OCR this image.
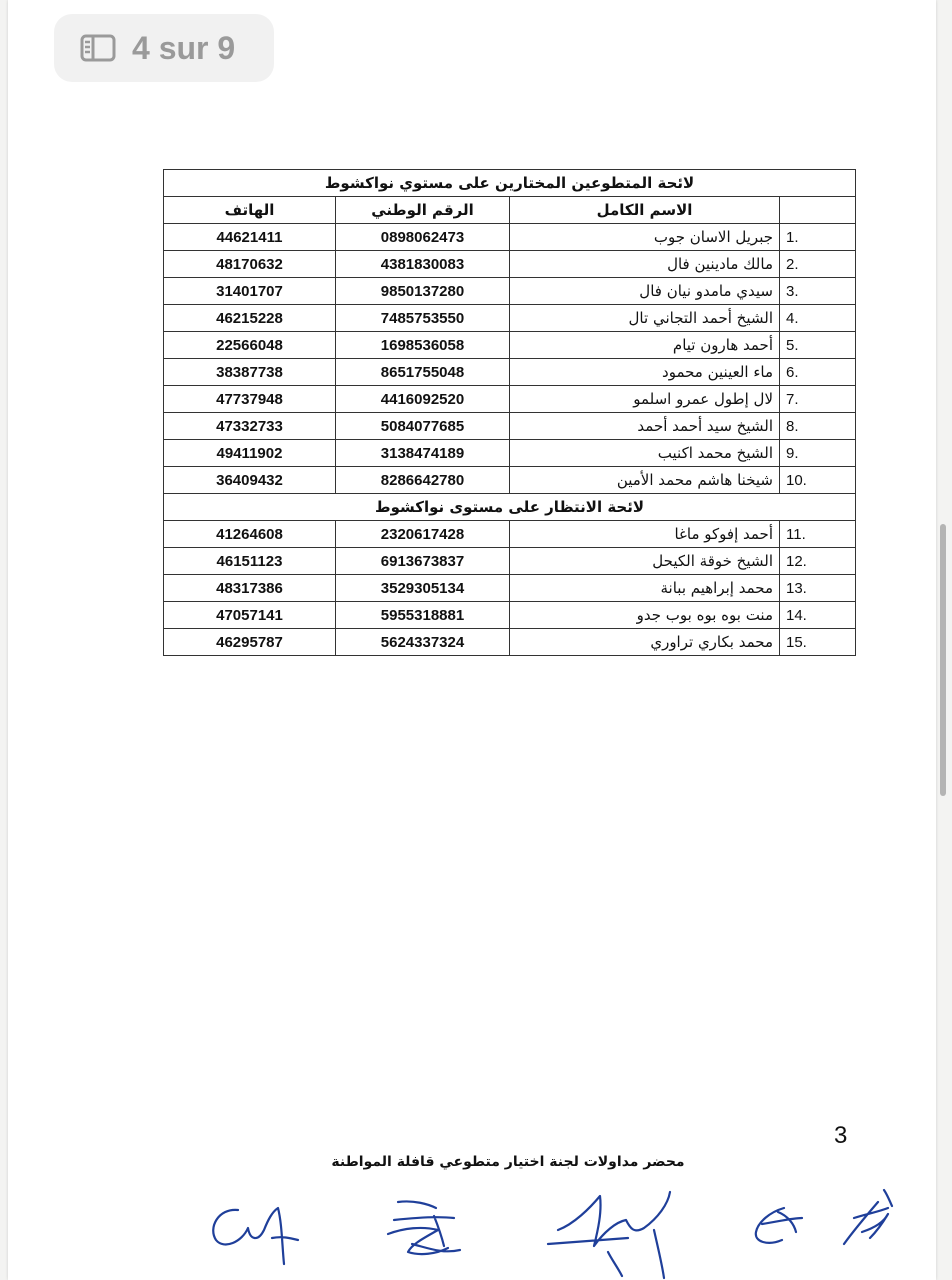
4 sur 9
لائحة المتطوعين المختارين على مستوي نواكشوط			
الهاتف	الرقم الوطني	الاسم الكامل	
44621411	0898062473	جبريل الاسان جوب	1.
48170632	4381830083	مالك مادينين فال	2.
31401707	9850137280	سيدي مامدو نيان فال	3.
46215228	7485753550	الشيخ أحمد التجاني تال	4.
22566048	1698536058	أحمد هارون تيام	5.
38387738	8651755048	ماء العينين محمود	6.
47737948	4416092520	لال إطول عمرو اسلمو	7.
47332733	5084077685	الشيخ سيد أحمد أحمد	8.
49411902	3138474189	الشيخ محمد اكنيب	9.
36409432	8286642780	شيخنا هاشم محمد الأمين	10.
لائحة الانتظار على مستوى نواكشوط			
41264608	2320617428	أحمد إفوكو ماغا	11.
46151123	6913673837	الشيخ خوقة الكيحل	12.
48317386	3529305134	محمد إبراهيم ببانة	13.
47057141	5955318881	منت بوه بوه بوب جدو	14.
46295787	5624337324	محمد بكاري تراوري	15.
3
محضر مداولات لجنة اختيار متطوعي قافلة المواطنة
